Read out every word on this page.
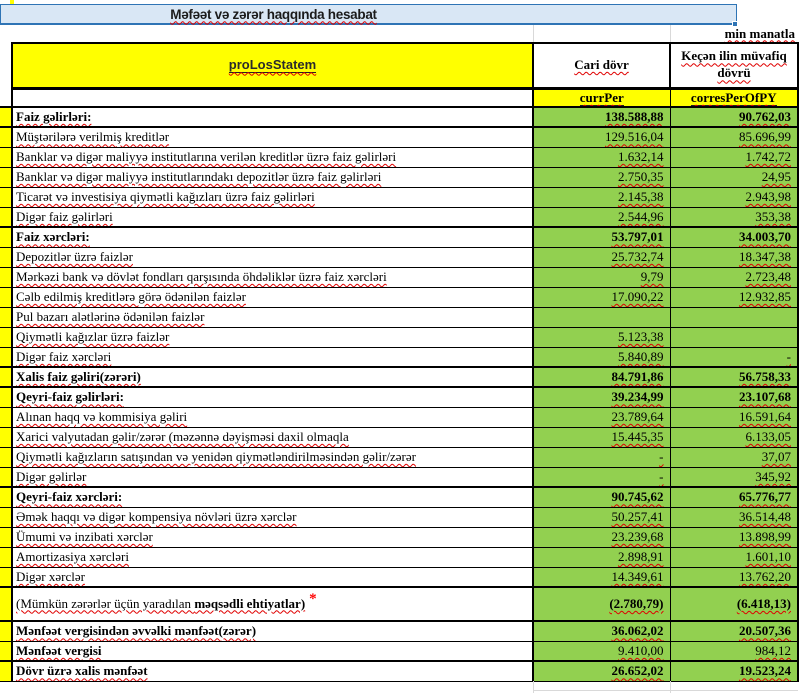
Məfəət və zərər haqqında hesabat
min manatla
	proLosStatem	Cari dövr	Keçən ilin müvafiq dövrü
		currPer	corresPerOfPY
	Faiz gəlirləri:	138.588,88	90.762,03
	Müştərilərə verilmiş kreditlər	129.516,04	85.696,99
	Banklar və digər maliyyə institutlarına verilən kreditlər üzrə faiz gəlirləri	1.632,14	1.742,72
	Banklar və digər maliyyə institutlarındakı depozitlər üzrə faiz gəlirləri	2.750,35	24,95
	Ticarət və investisiya qiymətli kağızları üzrə faiz gəlirləri	2.145,38	2.943,98
	Digər faiz gəlirləri	2.544,96	353,38
	Faiz xərcləri:	53.797,01	34.003,70
	Depozitlər üzrə faizlər	25.732,74	18.347,38
	Mərkəzi bank və dövlət fondları qarşısında öhdəliklər üzrə faiz xərcləri	9,79	2.723,48
	Cəlb edilmiş kreditlərə görə ödənilən faizlər	17.090,22	12.932,85
	Pul bazarı alətlərinə ödənilən faizlər		
	Qiymətli kağızlar üzrə faizlər	5.123,38	
	Digər faiz xərcləri	5.840,89	-
	Xalis faiz gəliri(zərəri)	84.791,86	56.758,33
	Qeyri-faiz gəlirləri:	39.234,99	23.107,68
	Alınan haqq və kommisiya gəliri	23.789,64	16.591,64
	Xarici valyutadan gəlir/zərər (məzənnə dəyişməsi daxil olmaqla	15.445,35	6.133,05
	Qiymətli kağızların satışından və yenidən qiymətləndirilməsindən gəlir/zərər	-	37,07
	Digər gəlirlər	-	345,92
	Qeyri-faiz xərcləri:	90.745,62	65.776,77
	Əmək haqqı və digər kompensiya növləri üzrə xərclər	50.257,41	36.514,48
	Ümumi və inzibati xərclər	23.239,68	13.898,99
	Amortizasiya xərcləri	2.898,91	1.601,10
	Digər xərclər	14.349,61	13.762,20
	(Mümkün zərərlər üçün yaradılan məqsədli ehtiyatlar) *	(2.780,79)	(6.418,13)
	Mənfəət vergisindən əvvəlki mənfəət(zərər)	36.062,02	20.507,36
	Mənfəət vergisi	9.410,00	984,12
	Dövr üzrə xalis mənfəət	26.652,02	19.523,24
